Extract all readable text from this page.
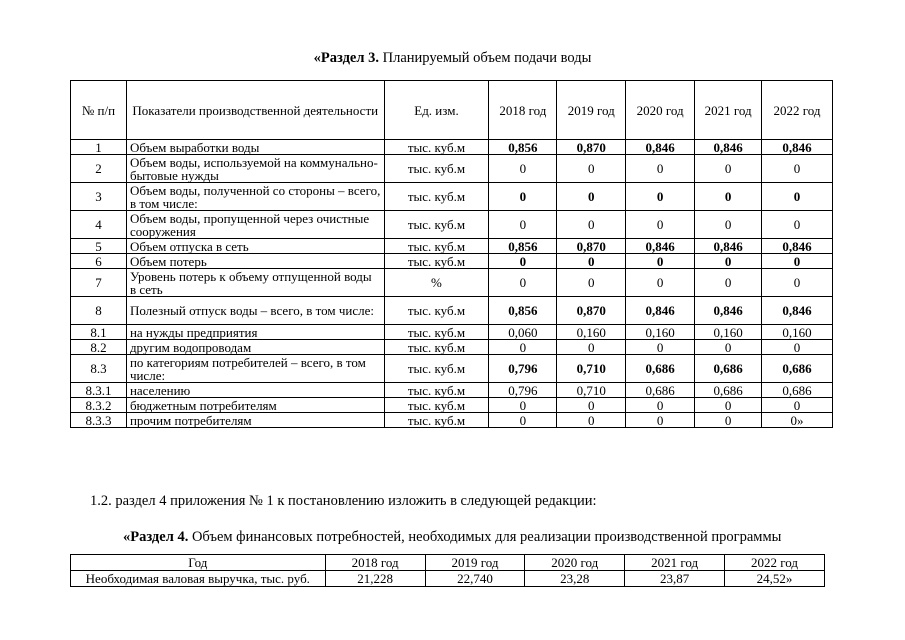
«Раздел 3. Планируемый объем подачи воды
№ п/п	Показатели производственной деятельности	Ед. изм.	2018 год	2019 год	2020 год	2021 год	2022 год
1	Объем выработки воды	тыс. куб.м	0,856	0,870	0,846	0,846	0,846
2	Объем воды, используемой на коммунально-бытовые нужды	тыс. куб.м	0	0	0	0	0
3	Объем воды, полученной со стороны – всего, в том числе:	тыс. куб.м	0	0	0	0	0
4	Объем воды, пропущенной через очистные сооружения	тыс. куб.м	0	0	0	0	0
5	Объем отпуска в сеть	тыс. куб.м	0,856	0,870	0,846	0,846	0,846
6	Объем потерь	тыс. куб.м	0	0	0	0	0
7	Уровень потерь к объему отпущенной воды в сеть	%	0	0	0	0	0
8	Полезный отпуск воды – всего, в том числе:	тыс. куб.м	0,856	0,870	0,846	0,846	0,846
8.1	на нужды предприятия	тыс. куб.м	0,060	0,160	0,160	0,160	0,160
8.2	другим водопроводам	тыс. куб.м	0	0	0	0	0
8.3	по категориям потребителей – всего, в том числе:	тыс. куб.м	0,796	0,710	0,686	0,686	0,686
8.3.1	населению	тыс. куб.м	0,796	0,710	0,686	0,686	0,686
8.3.2	бюджетным потребителям	тыс. куб.м	0	0	0	0	0
8.3.3	прочим потребителям	тыс. куб.м	0	0	0	0	0»
1.2. раздел 4 приложения № 1 к постановлению изложить в следующей редакции:
«Раздел 4. Объем финансовых потребностей, необходимых для реализации производственной программы
Год	2018 год	2019 год	2020 год	2021 год	2022 год
Необходимая валовая выручка, тыс. руб.	21,228	22,740	23,28	23,87	24,52»
